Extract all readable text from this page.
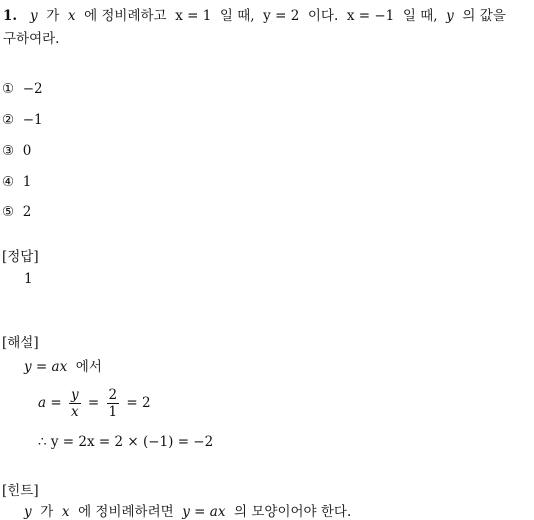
1. y 가 x 에 정비례하고 x = 1 일 때, y = 2 이다. x = −1 일 때, y 의 값을
구하여라.
① −2
② −1
③ 0
④ 1
⑤ 2
[정답]
1
[해설]
y = ax 에서
$a = \frac{y}{x} = \frac{2}{1} = 2$
∴ y = 2x = 2 × (−1) = −2
[힌트]
y 가 x 에 정비례하려면 y = ax 의 모양이어야 한다.
